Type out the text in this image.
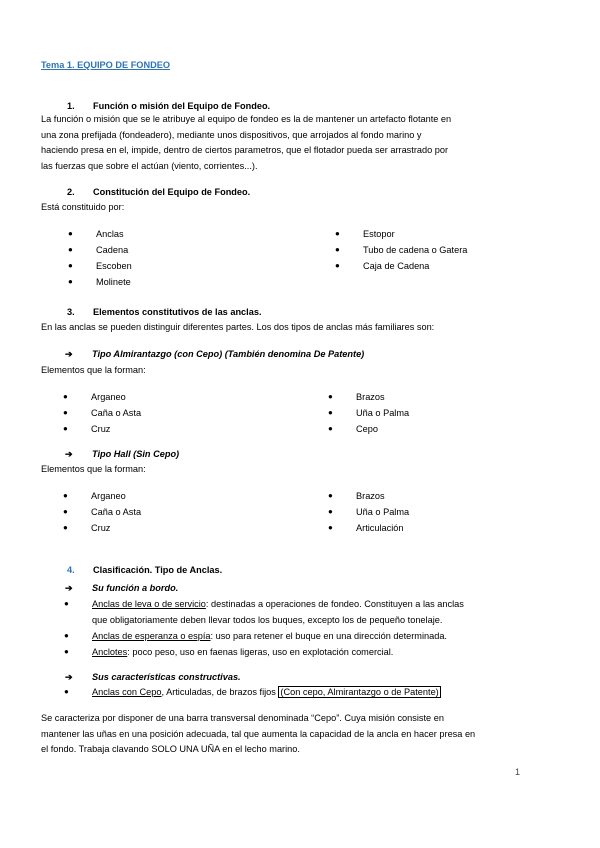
Tema 1. EQUIPO DE FONDEO
1. Función o misión del Equipo de Fondeo.
La función o misión que se le atribuye al equipo de fondeo es la de mantener un artefacto flotante en
una zona prefijada (fondeadero), mediante unos dispositivos, que arrojados al fondo marino y
haciendo presa en el, impide, dentro de ciertos parametros, que el flotador pueda ser arrastrado por
las fuerzas que sobre el actúan (viento, corrientes...).
2. Constitución del Equipo de Fondeo.
Está constituido por:
●	Anclas
●	Cadena
●	Escoben
●	Molinete
●	Estopor
●	Tubo de cadena o Gatera
●	Caja de Cadena
3. Elementos constitutivos de las anclas.
En las anclas se pueden distinguir diferentes partes. Los dos tipos de anclas más familiares son:
➔ Tipo Almirantazgo (con Cepo) (También denomina De Patente)
Elementos que la forman:
●	Arganeo
●	Caña o Asta
●	Cruz
●	Brazos
●	Uña o Palma
●	Cepo
➔ Tipo Hall (Sin Cepo)
Elementos que la forman:
●	Arganeo
●	Caña o Asta
●	Cruz
●	Brazos
●	Uña o Palma
●	Articulación
4. Clasificación. Tipo de Anclas.
➔ Su función a bordo.
●	Anclas de leva o de servicio: destinadas a operaciones de fondeo. Constituyen a las anclas
que obligatoriamente deben llevar todos los buques, excepto los de pequeño tonelaje.
●	Anclas de esperanza o espía: uso para retener el buque en una dirección determinada.
●	Anclotes: poco peso, uso en faenas ligeras, uso en explotación comercial.
➔ Sus características constructivas.
●	Anclas con Cepo, Articuladas, de brazos fijos (Con cepo, Almirantazgo o de Patente)
Se caracteriza por disponer de una barra transversal denominada “Cepo”. Cuya misión consiste en
mantener las uñas en una posición adecuada, tal que aumenta la capacidad de la ancla en hacer presa en
el fondo. Trabaja clavando SOLO UNA UÑA en el lecho marino.
1
